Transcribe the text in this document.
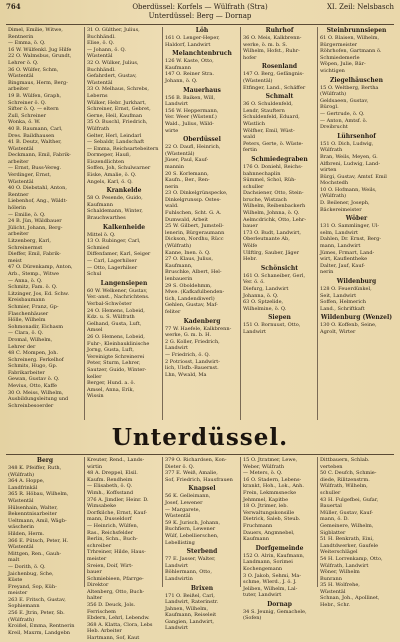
764	Oberdüssel: Korfels — Wülfrath (Stra)
Unterdüssel: Berg — Dornap
XI. Zeil: Nelsbasch

Dimel, Emilie, Witwe,

Rentnerin

— Emma, ö. Q.

16 W. Wülfenkl. Jug Hilfe

22 O. Walmsbus, Grundt,

Lehrer ö. Q.

36 O. Wülfer, Schm,

Wüstentäl

Bingmaus, Herm, Berg-

arbeiter

19 B. Wülfen, Graph,

Schreiner ö. Q.

Sifter ö. Q. — eltern

Zull, Schreiner

Wonka, ö. W.

40 B. Raumann, Carl,

Dres. Baildhausen

41 B. Deutz, Walther,

Wüstentäl

Deckmann, Emil, Fabrik-

arbeiter

— Ernst, Buss-Vereg.

Verdinger, Ernst,

Wüstentäl

40 O. Diebstahl, Anton,

Rentner

Liebenhof, Ang., Wäldt-

hölerin

— Emilie, ö. Q.

24 B. Jün, Wäldbauer

Jülicht, Johann, Berg-

arbeiter

Litzenberg, Karl,

Schreinermst

Dieffer, Emil, Fabrik-

meist

47 O. Dürenkamp, Anton,

Arb., Stemp., Witwe

— Anna, ö. Q.

Schmitz, Fam. ö. Q.

Litzinger, Jos, Ed. Schw.

Kreisbaumann

Schmier, Franz, Gp-

Flaschenhäuser

Hölle, Wilhelm

Sohmonadir, Eichasm

— Clara, ö. Q.

Dromal, Wilhelm,

Lehrer der

48 C. Mompen, Joh.

Schreinerg. Ferkelhof

Schmits, Hugo, Gp.

Fabrikarbeiter

Gewan, Gustav ö. Q.

Mevius, Otto, Kaffe

30 O. Meiss, Wilhelm,

Ausbildungsleitung und

Schreinbesoerder

31 O. Gülther, Julius,

Buchhändl.

Elise, ö. Q.

— Johann, ö. Q.

Wüstentäl

32 O. Wülker, Julius,

Buchhändl.

Gefahrdert, Gustav,

Wüstentäl

33 O. Melhaus, Schrebs,

Leberns

Wülker, Hebr. Jurkhart,

Schreiner, Ernst, Gebret,

Gerne, Heil, Kaufman

35 O. Buschl, Friedrich,

Wülfrath

Gelter, Herl, Leindarl

— Sebaldr, Landschaft

— Emma, Reichsartebeitern

Dormeper, Hauß,

Eiszendlichten

Soffen, Joh, Schulwarner

Eiske, Amalie, ö. Q.

Angels, Karl, ö. Q.

Krankelde

58 O. Pesende, Guido,

Kaufmann

Schaldemann, Winter,

Brauchwarthes

Kalkenheide

Mittel ö. Q.

13 O. Rubinger, Carl,

Schmied

Diffenfamer, Karl, Seiger

— Carl, Lagerhilser

— Otto, Lagerhilser

Schul

Langensiepen

60 W. Welkener, Gustav,

Ver.-anst., Nachrichtens.

Verbal-Schwöster

24 O. Hemens, Lobeid,

Kdz. u. S. Wülfrath

Gelhand, Gusta, Luft,

Amsel

26 O. Hemens, Lobeid,

Fuhr-, Kleinbauklinische

Jorng, Gusta, Luft,

Vereinigte Schreinerei

Peter, Sturm, Lehrer,

Sautzer, Guido, Winter-

keller

Berger, Hund. a. ö.

Amsel, Anna, Erik,

Wissin

Löh

161 O. Lenger-Heper,

Haldorf, Landwirt

Melanchtenbruch

126 W. Kaste, Otto,

Kaufmann

147 O. Reiner Stra.

Johann, ö. Q.

Mauerhaus

156 B. Baiken, Will,

Landwirt

156 W. Heppermann,

Ver. Weer (Wüstenf.)

Wald., Julius, Wäld-

wirte

Oberdüssel

22 O. Daufl, Heinrich,

(Wüstentäl)

Jüser, Paul, Kauf-

mannin

20 S. Korlemann,

Kaufn., Ber., Ren-

nerin

23 O. Dinkelgrünspecke,

Dinkelgrunssp. Ostes-

wald.

Fuhlschen, Scht. G. A.

Dumwald, Arbeit

25 W. Gilbert, Jumstell-

lenerin, Bürgeraumann

Dickson, Nordhu, Rücc

(Wülfrath)

Kanne, Inen. ö. Q.

27 O. Klaus, Julius,

Kaufmann,

Bruschke, Albert, Hel-

lenbauerin

29 S. Oboldehmm,

Mwe. (Kafkafulbenden-

tich, Landendiwerl)

Gehlen, Gustav, Maf-

feliter

Kadenberg

77 W. Haefele, Kalkbrenn-

werke, G. m. b. H.

2 G. Koller, Friedrich,

Landwirt

— Friedrich, ö. Q.

2 Potriosst, Landwirt-

lich, Ulsfb.-Bauernst.

Lhn, Wwald, Ma

Ruhrhof

36 O. Meis, Kalkbrenn-

werke, ö. m. b. S.

Wilhelm, Hofst., Ruhr-

hofer

Rosenland

147 O. Berg, Gefängnis-

(Wüstentäl)

Etfinger, Land., Schäffer

Schmalt

36 O. Schuldenfeld,

Lendr, Stauftern

Schuldenfeld, Eduard,

Wüstlich

Wölfher, Emil, Wüst-

wald

Peters, Gerte, ö. Wüste-

fertin

Schmiedegraben

176 O. Doniehl, Reichs-

bahnnechaplin

Sümmel, Schol, Rüh-

schuller

Dachsiener, Otto, Stein-

bruche, Wistzach

Wilhelm, Reibenbackerh

Wilhelm, Johnna, ö. Q.

Aelmcdrichk, Otto, Lehr-

bauer

173 O. Budt, Landwirt,

Oberleutnante Ab,

Wölfe

Ullftlrg, Sauber, Jäger

Hebr.

Schönsicht

161 O. Schaneiber, Gerl,

Ver. ö. ö.

Diefurg, Landwirt

Johanna, ö. Q.

63 O. Sptzelide,

Wilhelmine, ö. Q.

Siepen

151 O. Bornuust, Otto,

Landwirt

Steinbrunnsiepen

61 O. Blaisen, Wilhelm,

Bürgermeister

Röhrhofen, Gartmann ö.

Schmiedemerle

Wöpen, Julie, Bär-

wichtigen

Ziegelhäuschen

15 O. Weltberg, Bertha

(Wülfrath)

Geldsaeen, Gustav,

Bürogl.

— Gertrude, ö. Q.

— Anton, Amtsf. ö.

Dreibrucht

Lührsenhof

151 O. Dich, Ludwig,

Wülfrath

Bran, Weils, Meyen, G.

Alfbreni, Ludwig, Land-

wirten

Bürgi, Gustav, Amtsf. Emil

Mochstedh

10 O. Hofmann, Weils,

(Wülfrath)

D. Beilener, Joseph,

Bäckereimeister

Wöber

131 O. Sammlinger, Ul-

selm, Landwirt

Dahlen, Dr. Ernst, Berg-

mann, Landwirt

Jümes, Frmart, Land-

wirt, Kauflentheke

Dalter, Jauf, Kauf-

nerin

Wildenburg

128 O. Feuerdünkel,

Seit, Landwirt

Soffen, Helmerich

Land., Schriftkaft

Wildenburg (Wenzel)

130 O. Koffenb, Seine,

Agrolt, Wirter

Unterdüssel.

Berg

348 K. Pfeiffer, Ruth,

(Wülfrath)

364 A. Hoppe,

Landfrinkäl

365 R. Höbau, Wilhelm,

Wüstentäl

Hülsenhain, Walter,

Bekenntnisarbeiter

Ueltmann, Amil, Wägb-

wäscherin

Hilden, Herm.

366 E. Pütsch, Peter, H.

Wüstentäl

Mittgen, Ren., Gauh-

malt

— Dorith, ö. Q.

Jaichenbug, Sche,

Küste

Freyand, Sop, Küh-

meister

263 E. Fritsch, Gustav,

Sophiemann

256 E. Jtrin, Peter, Sb.

(Wülfrath)

Kroißel, Emma, Rentnerin

Kreil, Maxrm, Landgebn

Kreuter, Rend., Lands-

wirtin

48 A. Dreppel, Elsil.

Kaufm. Rendheim

— Elisabeth, ö. Q.

Wimh., Koffsstand

376 A. Jimdler, Heinr. D.

Wimsabeke

Dorfkilche, Ernst, Kauf-

mann, Dusseldorf

— Heinrich, Wülfen,

Ras., Reichsfelder

Berlin, Schn., Buch-

schreiber

Trhreiner, Hilde, Haus-

meister

Sreien, Doif, Wirt-

bauer

Schmiebieen, Pfarrge-

Direktor

Altenberg, Otto, Buch-

halter

356 D. Deuck, Jols.

Ferrischem

Ebdern, Lehrl, Lebendw.

368 A. Klatta, Clora, Lebs

Heb. Arbeiter

Hartmann, Sof, Kaut

379 O. Richardsen, Kon-

Dieter ö. Q.

377 E. Weiß, Amalie,

Sof, Friedrich, Hausfrauen

Knapsel

56 K. Gelleimann,

Josef, Lewener

— Margarete,

Wüstentäl

59 K. Jurisch, Johann,

Buchfiern, Lewener

Wülf, Lebellierschen,

Lebellisting

Sterbend

77 E. Jasser, Walter,

Landwirt

Böhlermann, Otto,

Landwirtin

Brixen

171 O. Beißel, Carl,

Landwirt, Raterinstr.

Jahnen, Wilhelm,

Kaufmann, Reiseleit

Gangien, Landwirt,

Landwirt

15 O. Jtratmer, Lewe,

Weber, Wülfrath

— Meters, ö. Q.

16 O. Stadern, Lebens-

krankt, Hoh., Lok., Anh.

Frein, Lekmmsnecke

Jehmmel, Kapitbe

18 O. Jtrimer, leb.

Verwaltungskonsille

Dietrick, Saleb, Steub.

Fruchmann

Dauers, Angmnebel,

Kaufmann

Dorfgemeinde

152 O. Alrin, Kaufmann,

Landmann, Sorimei

Kochengemann

3 O. Jakob, Sehmi, Ma-

schme, Wlerd., J. ö. J.

Jeliben, Wilhelm, Lal-

tuter, Landwirt

Dornap

34 S. Jeunig, Gemachele,

(Sofen)

Dittbauern, Schlab.

verteben

50 C. Deufch, Schmie-

diede, Rilitzenstrm.

Wülfrath, Wilhelm,

schuller

43 H. Fulgefbei, Gufar,

Bauertal

Müller, Gustav, Kauf-

mann, ö. D.

Gemeinere, Wilhelm,

Sigblatter

51 H. Benkrath, Eini,

Landtdwerker, Gaufele

Weiterschlägel

54 H. Lorrenkamp, Otto,

Wülfrath, Landwirt

Wöner, Wilhelm

Bunrann

35 H. Wolfrehe,

Wüstentäl

Schnan, Joh., Apollinet,

Hebr., Schr.
